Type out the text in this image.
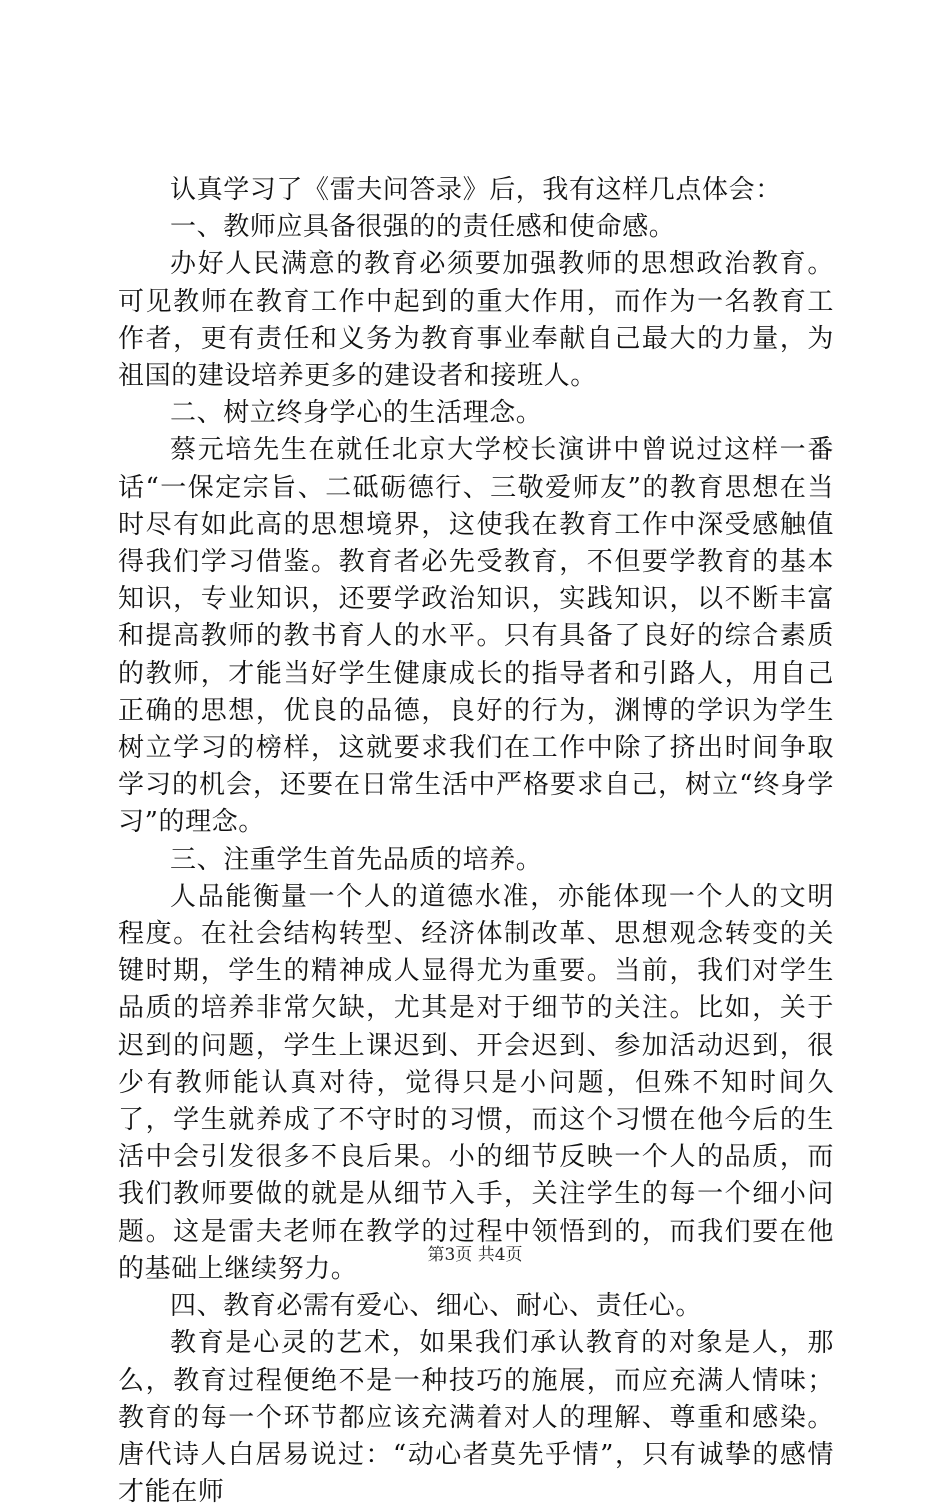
认真学习了《雷夫问答录》后，我有这样几点体会：

一、教师应具备很强的的责任感和使命感。

办好人民满意的教育必须要加强教师的思想政治教育。可见教师在教育工作中起到的重大作用，而作为一名教育工作者，更有责任和义务为教育事业奉献自己最大的力量，为祖国的建设培养更多的建设者和接班人。

二、树立终身学心的生活理念。

蔡元培先生在就任北京大学校长演讲中曾说过这样一番话“一保定宗旨、二砥砺德行、三敬爱师友”的教育思想在当时尽有如此高的思想境界，这使我在教育工作中深受感触值得我们学习借鉴。教育者必先受教育，不但要学教育的基本知识，专业知识，还要学政治知识，实践知识，以不断丰富和提高教师的教书育人的水平。只有具备了良好的综合素质的教师，才能当好学生健康成长的指导者和引路人，用自己正确的思想，优良的品德，良好的行为，渊博的学识为学生树立学习的榜样，这就要求我们在工作中除了挤出时间争取学习的机会，还要在日常生活中严格要求自己，树立“终身学习”的理念。

三、注重学生首先品质的培养。

人品能衡量一个人的道德水准，亦能体现一个人的文明程度。在社会结构转型、经济体制改革、思想观念转变的关键时期，学生的精神成人显得尤为重要。当前，我们对学生品质的培养非常欠缺，尤其是对于细节的关注。比如，关于迟到的问题，学生上课迟到、开会迟到、参加活动迟到，很少有教师能认真对待，觉得只是小问题，但殊不知时间久了，学生就养成了不守时的习惯，而这个习惯在他今后的生活中会引发很多不良后果。小的细节反映一个人的品质，而我们教师要做的就是从细节入手，关注学生的每一个细小问题。这是雷夫老师在教学的过程中领悟到的，而我们要在他的基础上继续努力。

四、教育必需有爱心、细心、耐心、责任心。

教育是心灵的艺术，如果我们承认教育的对象是人，那么，教育过程便绝不是一种技巧的施展，而应充满人情味；教育的每一个环节都应该充满着对人的理解、尊重和感染。唐代诗人白居易说过：“动心者莫先乎情”，只有诚挚的感情才能在师

第3页 共4页
